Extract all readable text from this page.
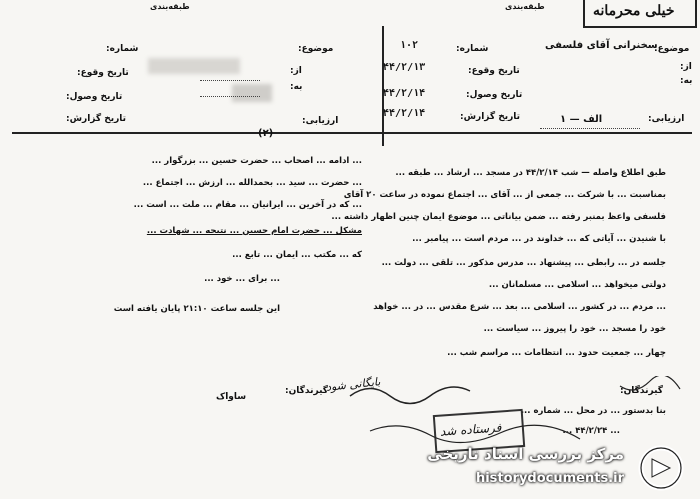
طبقه‌بندی	طبقه‌بندی	خیلی محرمانه
موضوع:
سخنرانی آقای فلسفی
شماره:
۱۰۲
از:
به:
تاریخ وقوع:
۴۴/۲/۱۳
تاریخ وصول:
۴۴/۲/۱۴
تاریخ گزارش:
۴۴/۲/۱۴	ارزیابی:
الف — ۱
موضوع:
شماره:
از:
به:
تاریخ وقوع:
تاریخ وصول:
تاریخ گزارش:	ارزیابی:
(۲)
طبق اطلاع واصله — شب ۴۴/۲/۱۴ در مسجد ... ارشاد ... طبقه ...
بمناسبت ... با شرکت ... جمعی از ... آقای ... اجتماع نموده در ساعت ۲۰ آقای
فلسفی واعظ بمنبر رفته ... ضمن بیاناتی ... موضوع ایمان چنین اظهار داشته ...
با شنیدن ... آیاتی که ... خداوند در ... مردم است ... پیامبر ...
جلسه در ... رابطی ... پیشنهاد ... مدرس مذکور ... تلقی ... دولت ...
دولتی میخواهد ... اسلامی ... مسلمانان ...
... مردم ... در کشور ... اسلامی ... بعد ... شرع مقدس ... در ... خواهد
خود را مسجد ... خود را پیروز ... سیاست ...
چهار ... جمعیت حدود ... انتظامات ... مراسم شب ...
گیرندگان:
بنا بدستور ... در محل ... شماره ...
... ۴۴/۲/۲۴ ...
... ادامه ... اصحاب ... حضرت حسین ... بزرگوار ...
... حضرت ... سید ... بحمدالله ... ارزش ... اجتماع ...
... که در آخرین ... ایرانیان ... مقام ... ملت ... است ...
مشکل ... حضرت امام حسین ... نتیجه ... شهادت ...
که ... مکتب ... ایمان ... تابع ...
... برای ... خود ...
این جلسه ساعت ۲۱:۱۰ پایان یافته است
گیرندگان:
ساواک
بایگانی شود
فرستاده شد
مرکز بررسی اسناد تاریخی
historydocuments.ir
